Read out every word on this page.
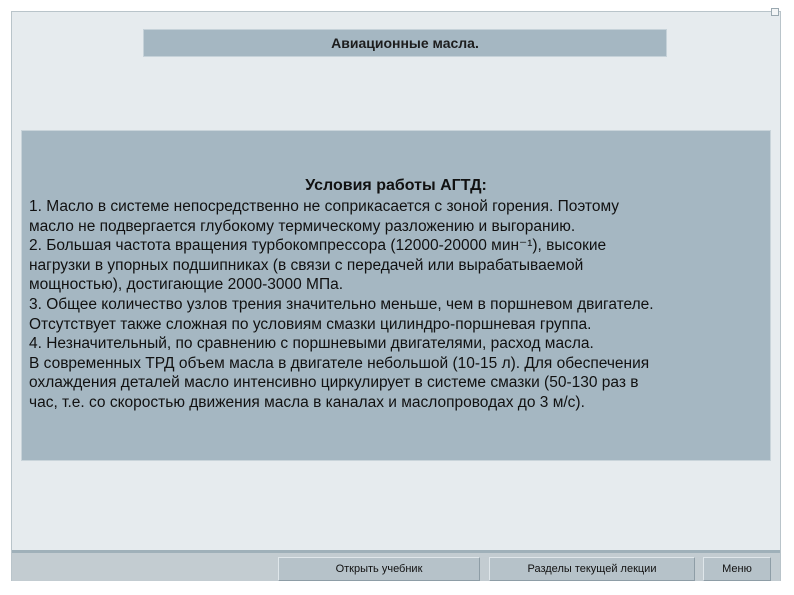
Авиационные масла.
Условия работы АГТД:

1. Масло в системе непосредственно не соприкасается с зоной горения. Поэтому

масло не подвергается глубокому термическому разложению и выгоранию.

2. Большая частота вращения турбокомпрессора (12000-20000 мин⁻¹), высокие

нагрузки в упорных подшипниках (в связи с передачей или вырабатываемой

мощностью), достигающие 2000-3000 МПа.

3. Общее количество узлов трения значительно меньше, чем в поршневом двигателе.

Отсутствует также сложная по условиям смазки цилиндро-поршневая группа.

4. Незначительный, по сравнению с поршневыми двигателями, расход масла.

В современных ТРД объем масла в двигателе небольшой (10-15 л). Для обеспечения

охлаждения деталей масло интенсивно циркулирует в системе смазки (50-130 раз в

час, т.е. со скоростью движения масла в каналах и маслопроводах до 3 м/с).

Открыть учебник	Разделы текущей лекции	Меню
